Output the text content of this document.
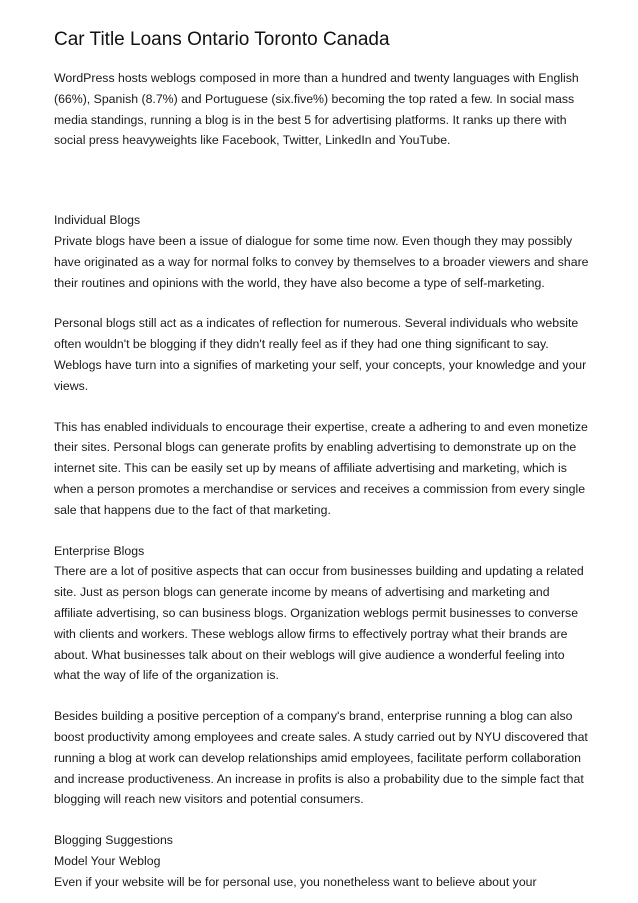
Car Title Loans Ontario Toronto Canada

WordPress hosts weblogs composed in more than a hundred and twenty languages with English (66%), Spanish (8.7%) and Portuguese (six.five%) becoming the top rated a few. In social mass media standings, running a blog is in the best 5 for advertising platforms. It ranks up there with social press heavyweights like Facebook, Twitter, LinkedIn and YouTube.

Individual Blogs

Private blogs have been a issue of dialogue for some time now. Even though they may possibly have originated as a way for normal folks to convey by themselves to a broader viewers and share their routines and opinions with the world, they have also become a type of self-marketing.

Personal blogs still act as a indicates of reflection for numerous. Several individuals who website often wouldn't be blogging if they didn't really feel as if they had one thing significant to say. Weblogs have turn into a signifies of marketing your self, your concepts, your knowledge and your views.

This has enabled individuals to encourage their expertise, create a adhering to and even monetize their sites. Personal blogs can generate profits by enabling advertising to demonstrate up on the internet site. This can be easily set up by means of affiliate advertising and marketing, which is when a person promotes a merchandise or services and receives a commission from every single sale that happens due to the fact of that marketing.

Enterprise Blogs

There are a lot of positive aspects that can occur from businesses building and updating a related site. Just as person blogs can generate income by means of advertising and marketing and affiliate advertising, so can business blogs. Organization weblogs permit businesses to converse with clients and workers. These weblogs allow firms to effectively portray what their brands are about. What businesses talk about on their weblogs will give audience a wonderful feeling into what the way of life of the organization is.

Besides building a positive perception of a company's brand, enterprise running a blog can also boost productivity among employees and create sales. A study carried out by NYU discovered that running a blog at work can develop relationships amid employees, facilitate perform collaboration and increase productiveness. An increase in profits is also a probability due to the simple fact that blogging will reach new visitors and potential consumers.

Blogging Suggestions

Model Your Weblog

Even if your website will be for personal use, you nonetheless want to believe about your
